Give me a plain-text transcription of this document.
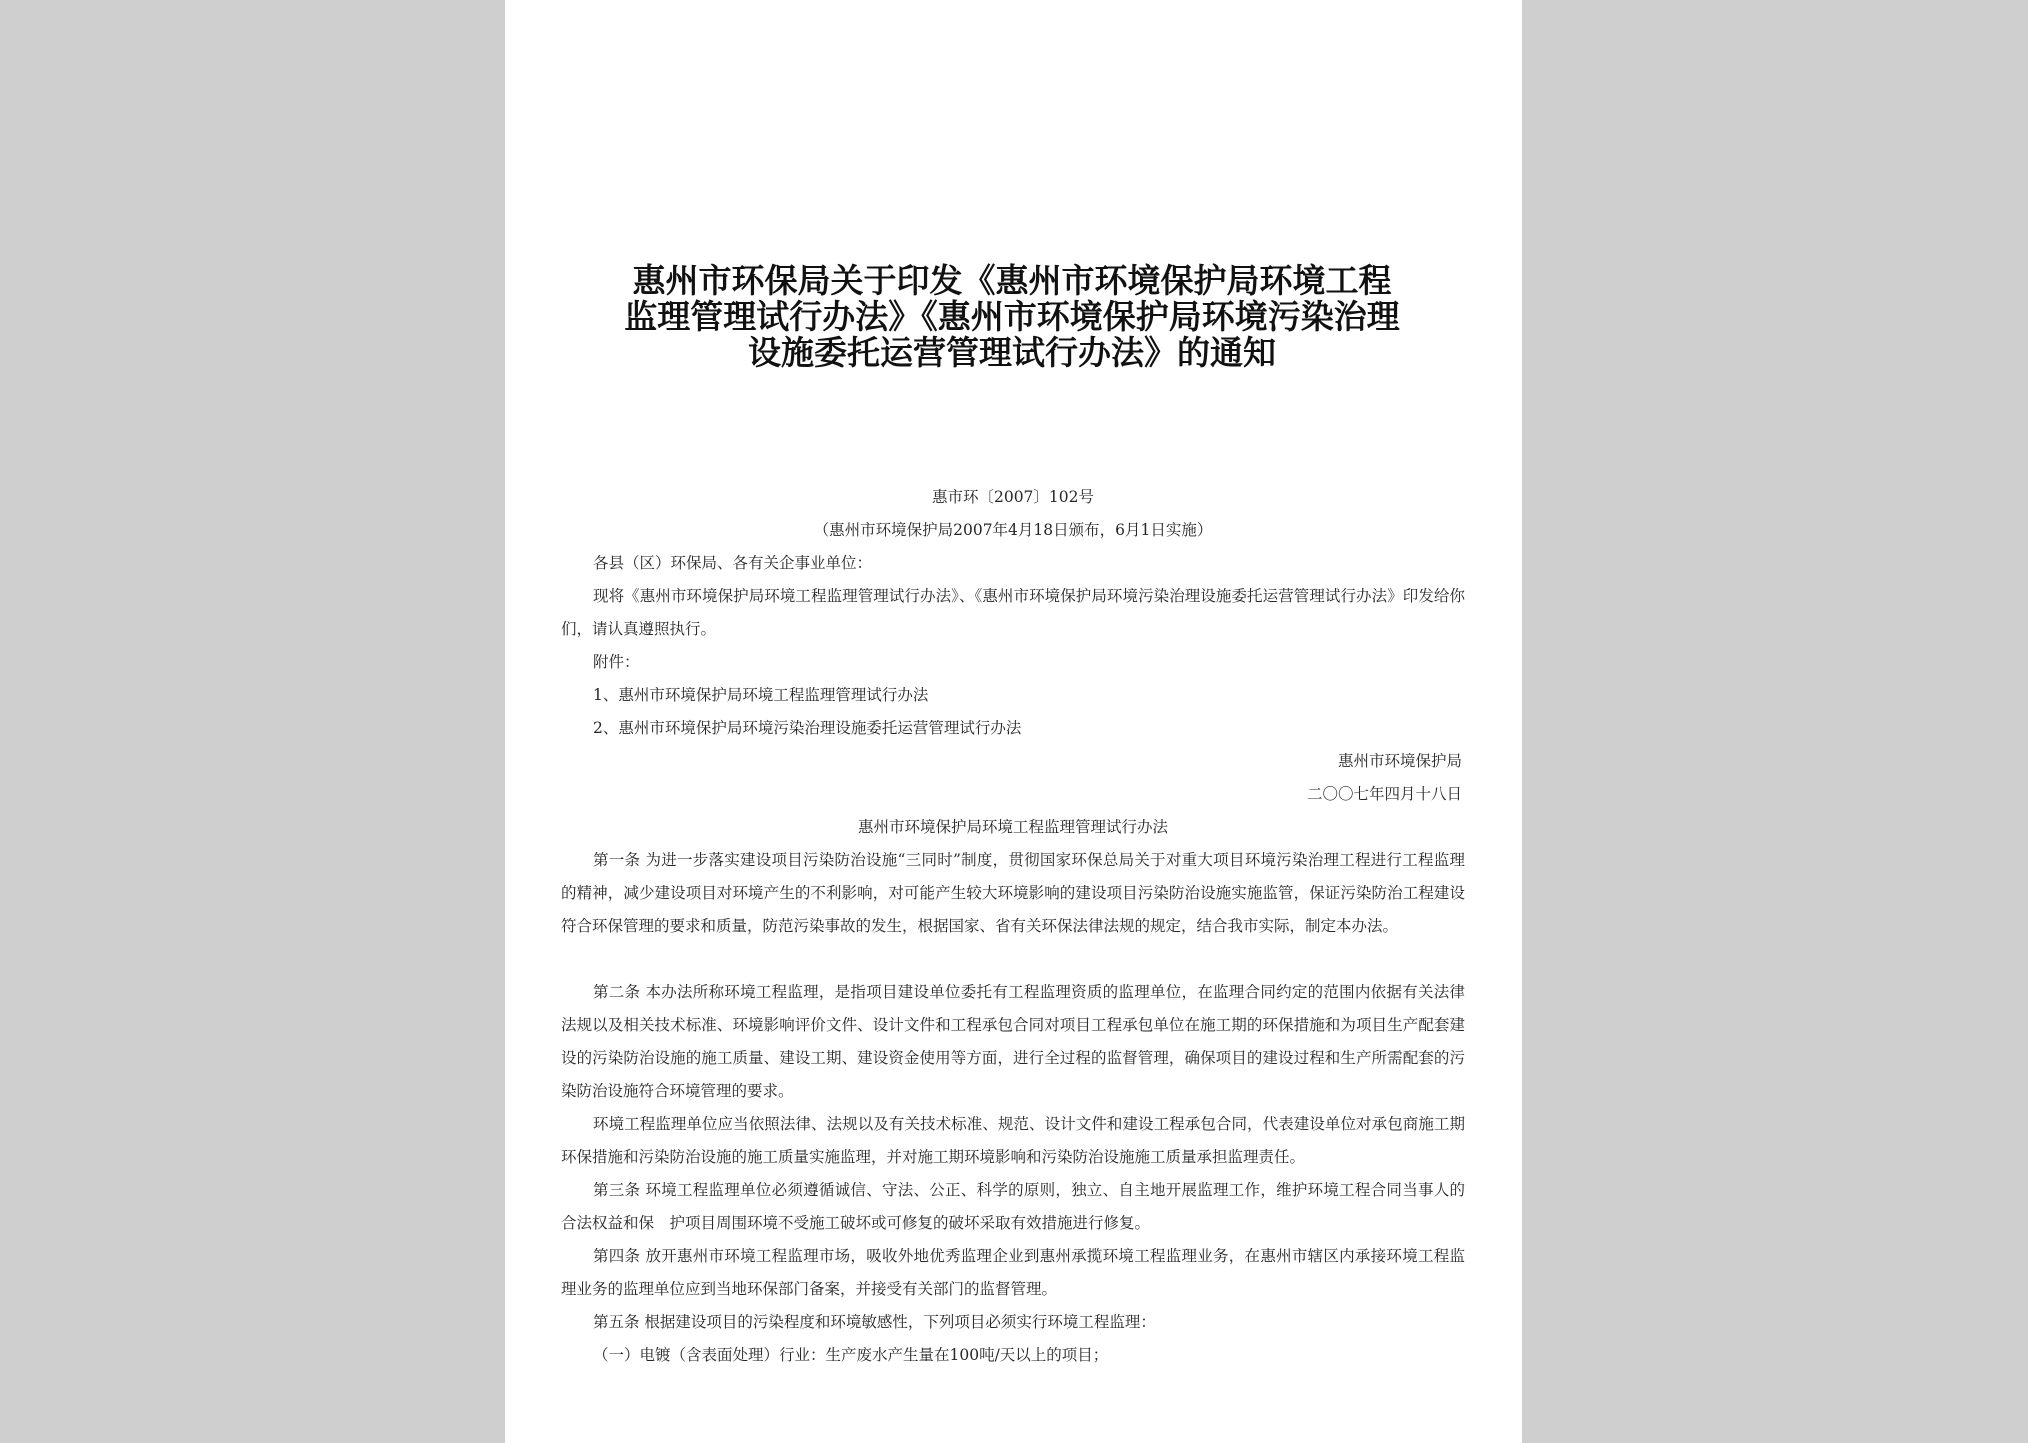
惠州市环保局关于印发《惠州市环境保护局环境工程
监理管理试行办法》《惠州市环境保护局环境污染治理
设施委托运营管理试行办法》的通知
惠市环〔2007〕102号
（惠州市环境保护局2007年4月18日颁布，6月1日实施）
各县（区）环保局、各有关企事业单位：
现将《惠州市环境保护局环境工程监理管理试行办法》、《惠州市环境保护局环境污染治理设施委托运营管理试行办法》印发给你们，请认真遵照执行。
附件：
1、惠州市环境保护局环境工程监理管理试行办法
2、惠州市环境保护局环境污染治理设施委托运营管理试行办法
惠州市环境保护局
二〇〇七年四月十八日
惠州市环境保护局环境工程监理管理试行办法
第一条 为进一步落实建设项目污染防治设施“三同时”制度，贯彻国家环保总局关于对重大项目环境污染治理工程进行工程监理的精神，减少建设项目对环境产生的不利影响，对可能产生较大环境影响的建设项目污染防治设施实施监管，保证污染防治工程建设符合环保管理的要求和质量，防范污染事故的发生，根据国家、省有关环保法律法规的规定，结合我市实际，制定本办法。
第二条 本办法所称环境工程监理，是指项目建设单位委托有工程监理资质的监理单位，在监理合同约定的范围内依据有关法律法规以及相关技术标准、环境影响评价文件、设计文件和工程承包合同对项目工程承包单位在施工期的环保措施和为项目生产配套建设的污染防治设施的施工质量、建设工期、建设资金使用等方面，进行全过程的监督管理，确保项目的建设过程和生产所需配套的污染防治设施符合环境管理的要求。
环境工程监理单位应当依照法律、法规以及有关技术标准、规范、设计文件和建设工程承包合同，代表建设单位对承包商施工期环保措施和污染防治设施的施工质量实施监理，并对施工期环境影响和污染防治设施施工质量承担监理责任。
第三条 环境工程监理单位必须遵循诚信、守法、公正、科学的原则，独立、自主地开展监理工作，维护环境工程合同当事人的合法权益和保　护项目周围环境不受施工破坏或可修复的破坏采取有效措施进行修复。
第四条 放开惠州市环境工程监理市场，吸收外地优秀监理企业到惠州承揽环境工程监理业务，在惠州市辖区内承接环境工程监理业务的监理单位应到当地环保部门备案，并接受有关部门的监督管理。
第五条 根据建设项目的污染程度和环境敏感性，下列项目必须实行环境工程监理：
（一）电镀（含表面处理）行业：生产废水产生量在100吨/天以上的项目；
